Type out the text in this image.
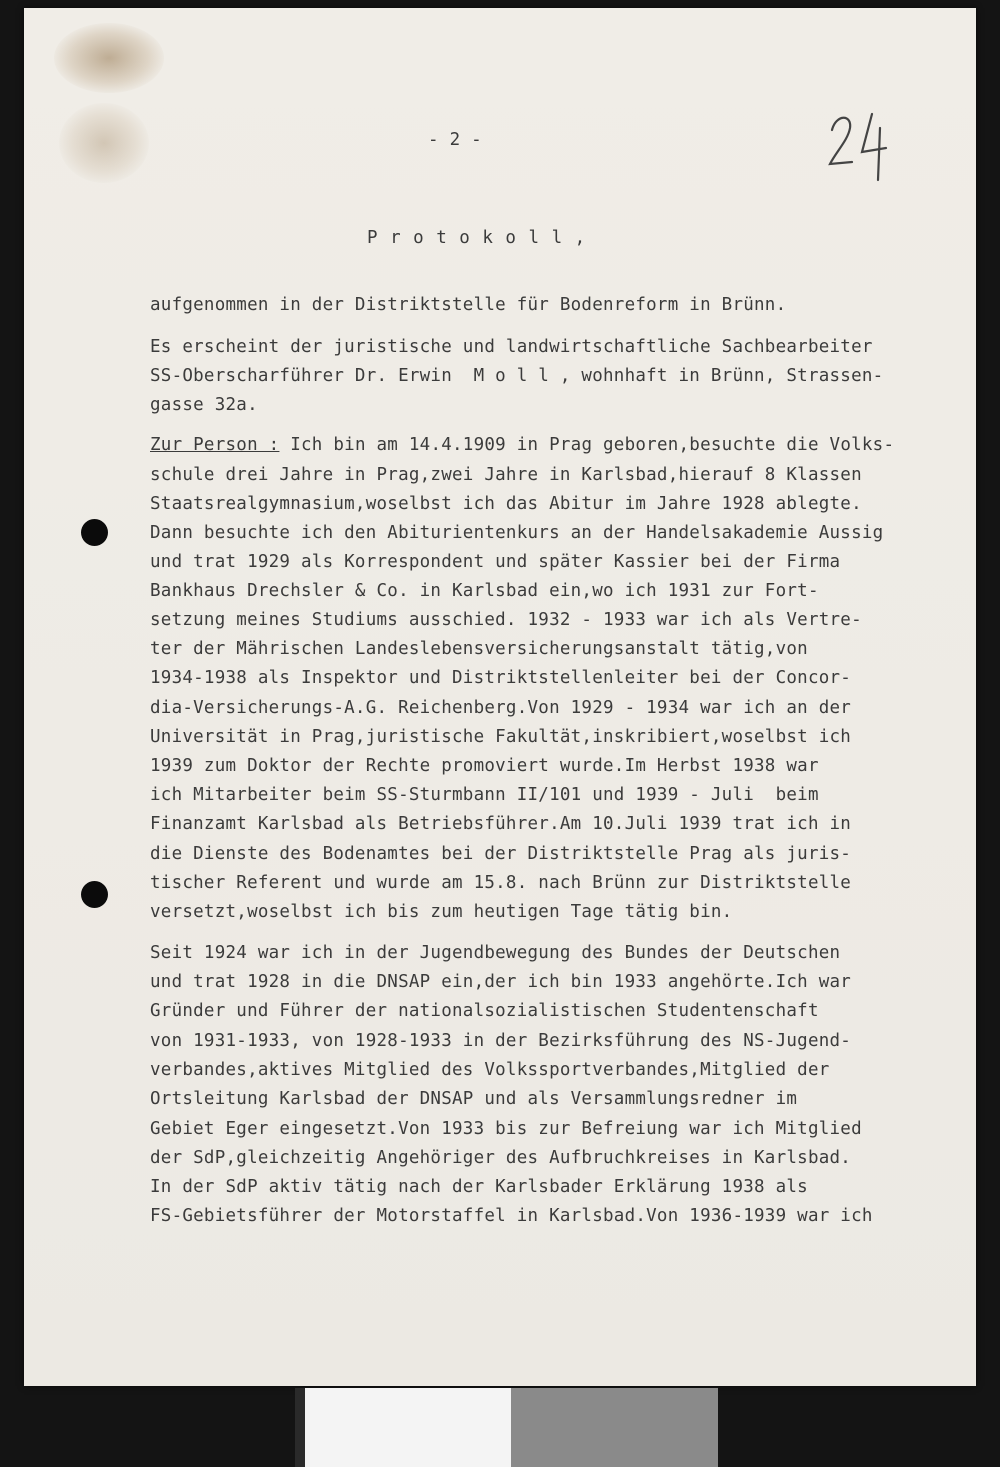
- 2 -
P r o t o k o l l ,
aufgenommen in der Distriktstelle für Bodenreform in Brünn.
Es erscheint der juristische und landwirtschaftliche Sachbearbeiter
SS-Oberscharführer Dr. Erwin  M o l l , wohnhaft in Brünn, Strassen-
gasse 32a.
Zur Person : Ich bin am 14.4.1909 in Prag geboren,besuchte die Volks-
schule drei Jahre in Prag,zwei Jahre in Karlsbad,hierauf 8 Klassen
Staatsrealgymnasium,woselbst ich das Abitur im Jahre 1928 ablegte.
Dann besuchte ich den Abiturientenkurs an der Handelsakademie Aussig
und trat 1929 als Korrespondent und später Kassier bei der Firma
Bankhaus Drechsler & Co. in Karlsbad ein,wo ich 1931 zur Fort-
setzung meines Studiums ausschied. 1932 - 1933 war ich als Vertre-
ter der Mährischen Landeslebensversicherungsanstalt tätig,von
1934-1938 als Inspektor und Distriktstellenleiter bei der Concor-
dia-Versicherungs-A.G. Reichenberg.Von 1929 - 1934 war ich an der
Universität in Prag,juristische Fakultät,inskribiert,woselbst ich
1939 zum Doktor der Rechte promoviert wurde.Im Herbst 1938 war
ich Mitarbeiter beim SS-Sturmbann II/101 und 1939 - Juli  beim
Finanzamt Karlsbad als Betriebsführer.Am 10.Juli 1939 trat ich in
die Dienste des Bodenamtes bei der Distriktstelle Prag als juris-
tischer Referent und wurde am 15.8. nach Brünn zur Distriktstelle
versetzt,woselbst ich bis zum heutigen Tage tätig bin.
Seit 1924 war ich in der Jugendbewegung des Bundes der Deutschen
und trat 1928 in die DNSAP ein,der ich bin 1933 angehörte.Ich war
Gründer und Führer der nationalsozialistischen Studentenschaft
von 1931-1933, von 1928-1933 in der Bezirksführung des NS-Jugend-
verbandes,aktives Mitglied des Volkssportverbandes,Mitglied der
Ortsleitung Karlsbad der DNSAP und als Versammlungsredner im
Gebiet Eger eingesetzt.Von 1933 bis zur Befreiung war ich Mitglied
der SdP,gleichzeitig Angehöriger des Aufbruchkreises in Karlsbad.
In der SdP aktiv tätig nach der Karlsbader Erklärung 1938 als
FS-Gebietsführer der Motorstaffel in Karlsbad.Von 1936-1939 war ich
